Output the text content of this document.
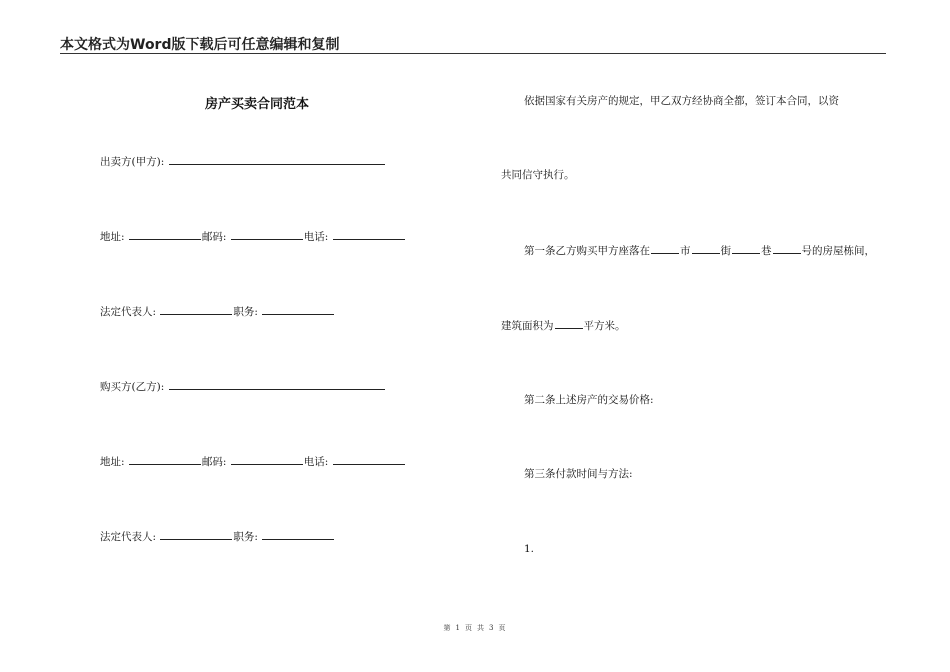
本文格式为Word版下载后可任意编辑和复制
房产买卖合同范本
出卖方(甲方):
地址:	邮码:	电话:
法定代表人:	职务:
购买方(乙方):
地址:	邮码:	电话:
法定代表人:	职务:
依据国家有关房产的规定，甲乙双方经协商全都，签订本合同，以资
共同信守执行。
第一条乙方购买甲方座落在	市	街	巷	号的房屋栋间，
建筑面积为	平方米。
第二条上述房产的交易价格:
第三条付款时间与方法:
1.
第 1 页 共 3 页
